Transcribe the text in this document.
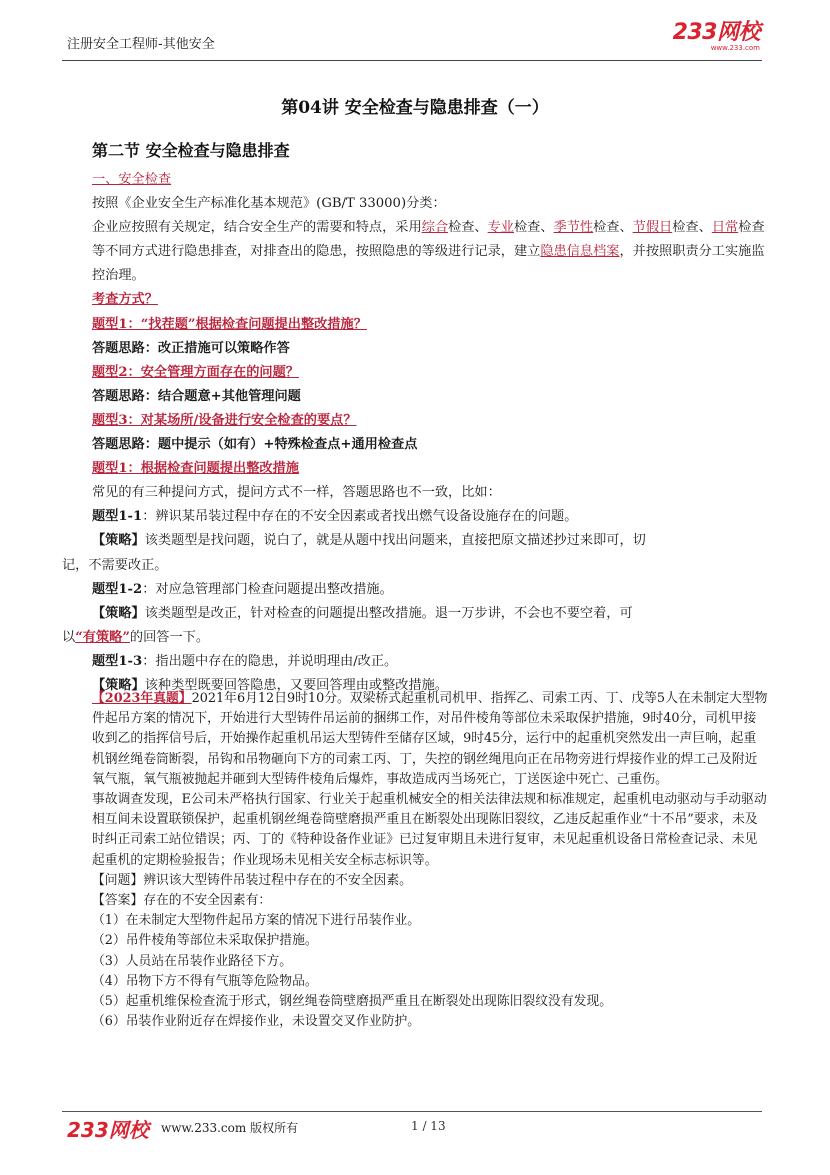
注册安全工程师-其他安全	233网校
www.233.com
第04讲 安全检查与隐患排查（一）
第二节 安全检查与隐患排查

一、安全检查

按照《企业安全生产标准化基本规范》(GB/T 33000)分类：

企业应按照有关规定，结合安全生产的需要和特点，采用综合检查、专业检查、季节性检查、节假日检查、日常检查等不同方式进行隐患排查，对排查出的隐患，按照隐患的等级进行记录，建立隐患信息档案，并按照职责分工实施监控治理。

考查方式？

题型1：“找茬题”根据检查问题提出整改措施？

答题思路：改正措施可以策略作答

题型2：安全管理方面存在的问题？

答题思路：结合题意+其他管理问题

题型3：对某场所/设备进行安全检查的要点？

答题思路：题中提示（如有）+特殊检查点+通用检查点

题型1：根据检查问题提出整改措施

常见的有三种提问方式，提问方式不一样，答题思路也不一致，比如：

题型1-1：辨识某吊装过程中存在的不安全因素或者找出燃气设备设施存在的问题。

【策略】该类题型是找问题，说白了，就是从题中找出问题来，直接把原文描述抄过来即可，切

记，不需要改正。

题型1-2：对应急管理部门检查问题提出整改措施。

【策略】该类题型是改正，针对检查的问题提出整改措施。退一万步讲，不会也不要空着，可

以“有策略”的回答一下。

题型1-3：指出题中存在的隐患，并说明理由/改正。

【策略】该种类型既要回答隐患，又要回答理由或整改措施。

【2023年真题】2021年6月12日9时10分。双梁桥式起重机司机甲、指挥乙、司索工丙、丁、戊等5人在未制定大型物件起吊方案的情况下，开始进行大型铸件吊运前的捆绑工作，对吊件棱角等部位未采取保护措施，9时40分，司机甲接收到乙的指挥信号后，开始操作起重机吊运大型铸件至储存区域，9时45分，运行中的起重机突然发出一声巨响，起重机钢丝绳卷筒断裂，吊钩和吊物砸向下方的司索工丙、丁，失控的钢丝绳甩向正在吊物旁进行焊接作业的焊工己及附近氧气瓶，氧气瓶被抛起并砸到大型铸件棱角后爆炸，事故造成丙当场死亡，丁送医途中死亡、己重伤。

事故调查发现，E公司未严格执行国家、行业关于起重机械安全的相关法律法规和标准规定，起重机电动驱动与手动驱动相互间未设置联锁保护，起重机钢丝绳卷筒壁磨损严重且在断裂处出现陈旧裂纹，乙违反起重作业“十不吊”要求，未及时纠正司索工站位错误；丙、丁的《特种设备作业证》已过复审期且未进行复审，未见起重机设备日常检查记录、未见起重机的定期检验报告；作业现场未见相关安全标志标识等。

【问题】辨识该大型铸件吊装过程中存在的不安全因素。

【答案】存在的不安全因素有：

（1）在未制定大型物件起吊方案的情况下进行吊装作业。

（2）吊件棱角等部位未采取保护措施。

（3）人员站在吊装作业路径下方。

（4）吊物下方不得有气瓶等危险物品。

（5）起重机维保检查流于形式，钢丝绳卷筒壁磨损严重且在断裂处出现陈旧裂纹没有发现。

（6）吊装作业附近存在焊接作业，未设置交叉作业防护。

233网校 www.233.com 版权所有	1 / 13
